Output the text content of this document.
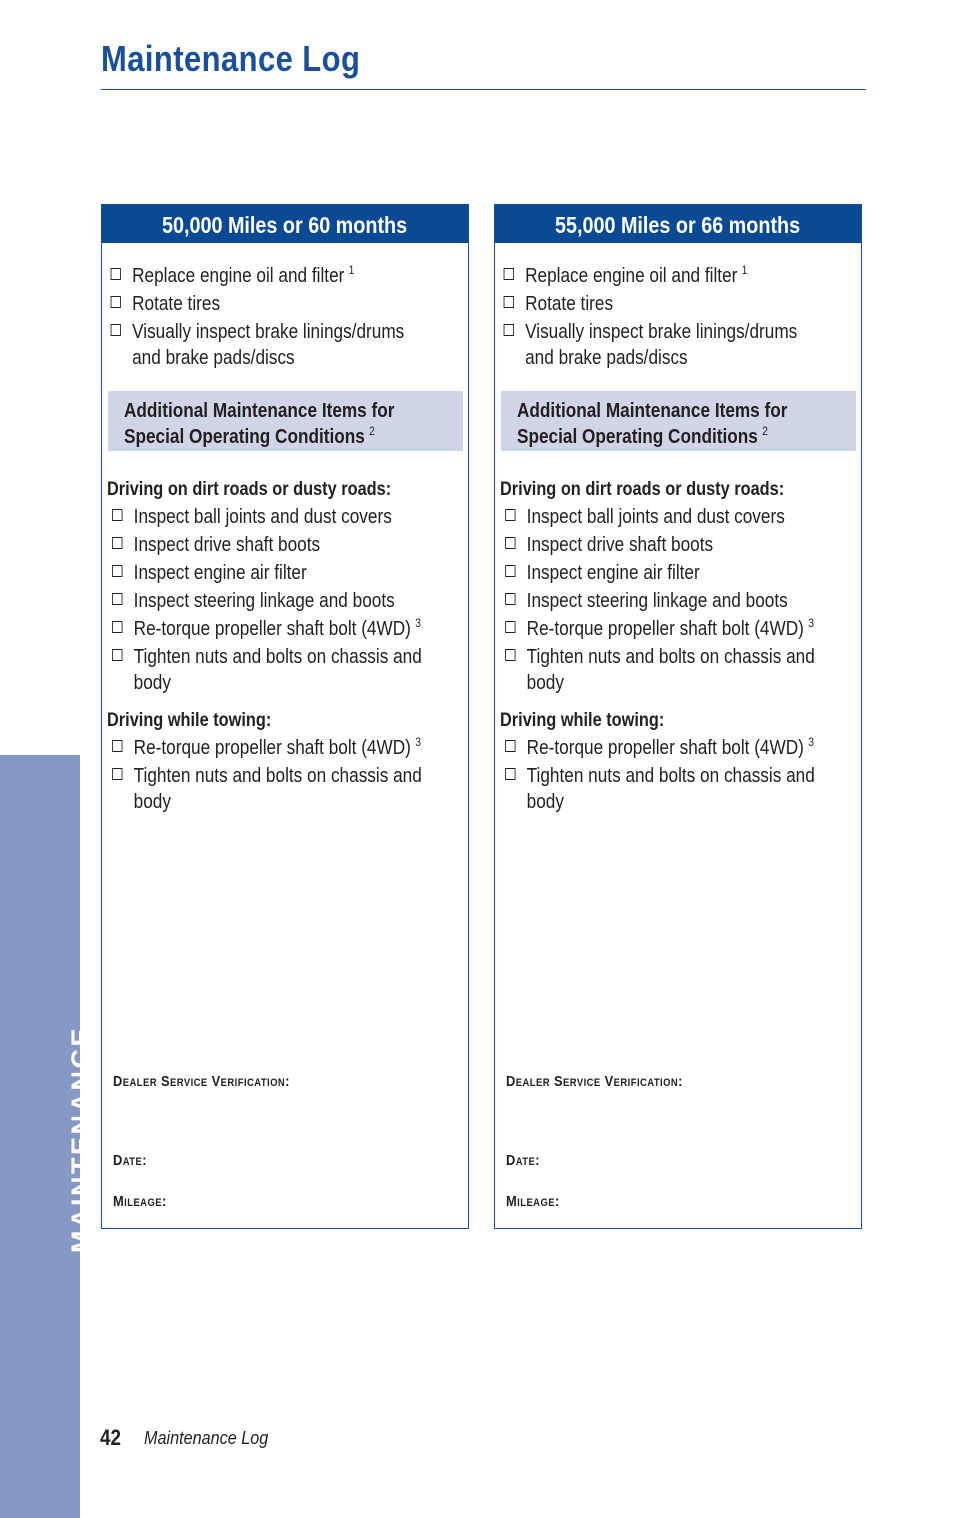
Maintenance Log
MAINTENANCE
50,000 Miles or 60 months
Replace engine oil and filter $^1$
Rotate tires
Visually inspect brake linings/drums and brake pads/discs
Additional Maintenance Items for
Special Operating Conditions $^2$
Driving on dirt roads or dusty roads:
Inspect ball joints and dust covers
Inspect drive shaft boots
Inspect engine air filter
Inspect steering linkage and boots
Re-torque propeller shaft bolt (4WD) $^3$
Tighten nuts and bolts on chassis and body
Driving while towing:
Re-torque propeller shaft bolt (4WD) $^3$
Tighten nuts and bolts on chassis and body
Dealer Service Verification:
Date:
Mileage:
55,000 Miles or 66 months
Replace engine oil and filter $^1$
Rotate tires
Visually inspect brake linings/drums and brake pads/discs
Additional Maintenance Items for
Special Operating Conditions $^2$
Driving on dirt roads or dusty roads:
Inspect ball joints and dust covers
Inspect drive shaft boots
Inspect engine air filter
Inspect steering linkage and boots
Re-torque propeller shaft bolt (4WD) $^3$
Tighten nuts and bolts on chassis and body
Driving while towing:
Re-torque propeller shaft bolt (4WD) $^3$
Tighten nuts and bolts on chassis and body
Dealer Service Verification:
Date:
Mileage:
42 Maintenance Log
